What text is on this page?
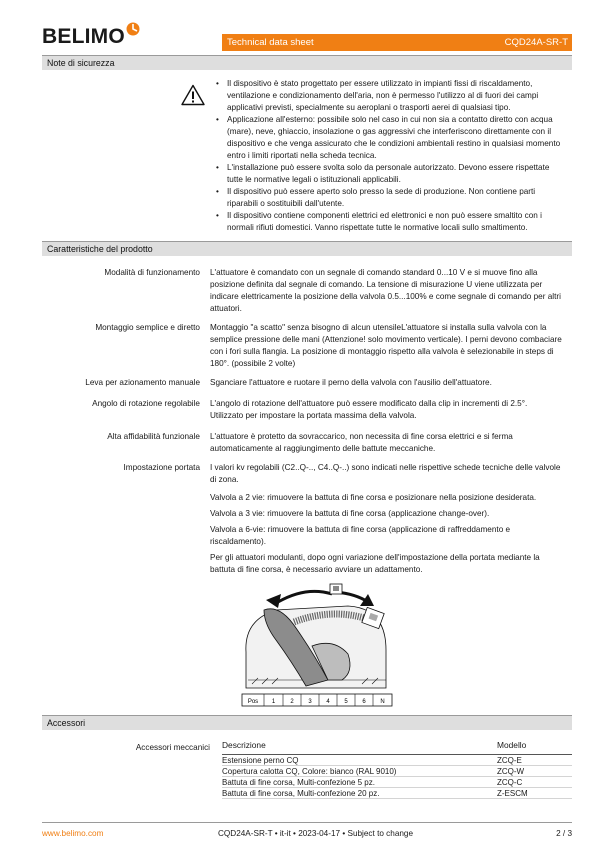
BELIMO	Technical data sheet	CQD24A-SR-T
Note di sicurezza
• Il dispositivo è stato progettato per essere utilizzato in impianti fissi di riscaldamento, ventilazione e condizionamento dell'aria, non è permesso l'utilizzo al di fuori dei campi applicativi previsti, specialmente su aeroplani o trasporti aerei di qualsiasi tipo.
• Applicazione all'esterno: possibile solo nel caso in cui non sia a contatto diretto con acqua (mare), neve, ghiaccio, insolazione o gas aggressivi che interferiscono direttamente con il dispositivo e che venga assicurato che le condizioni ambientali restino in qualsiasi momento entro i limiti riportati nella scheda tecnica.
• L'installazione può essere svolta solo da personale autorizzato. Devono essere rispettate tutte le normative legali o istituzionali applicabili.
• Il dispositivo può essere aperto solo presso la sede di produzione. Non contiene parti riparabili o sostituibili dall'utente.
• Il dispositivo contiene componenti elettrici ed elettronici e non può essere smaltito con i normali rifiuti domestici. Vanno rispettate tutte le normative locali sullo smaltimento.
Caratteristiche del prodotto
Modalità di funzionamento	L'attuatore è comandato con un segnale di comando standard 0...10 V e si muove fino alla posizione definita dal segnale di comando. La tensione di misurazione U viene utilizzata per indicare elettricamente la posizione della valvola 0.5...100% e come segnale di comando per altri attuatori.
Montaggio semplice e diretto	Montaggio "a scatto" senza bisogno di alcun utensileL'attuatore si installa sulla valvola con la semplice pressione delle mani (Attenzione! solo movimento verticale). I perni devono combaciare con i fori sulla flangia. La posizione di montaggio rispetto alla valvola è selezionabile in steps di 180°. (possibile 2 volte)
Leva per azionamento manuale	Sganciare l'attuatore e ruotare il perno della valvola con l'ausilio dell'attuatore.
Angolo di rotazione regolabile	L'angolo di rotazione dell'attuatore può essere modificato dalla clip in incrementi di 2.5°. Utilizzato per impostare la portata massima della valvola.
Alta affidabilità funzionale	L'attuatore è protetto da sovraccarico, non necessita di fine corsa elettrici e si ferma automaticamente al raggiungimento delle battute meccaniche.
Impostazione portata	I valori kv regolabili (C2..Q-.., C4..Q-..) sono indicati nelle rispettive schede tecniche delle valvole di zona.
Valvola a 2 vie: rimuovere la battuta di fine corsa e posizionare nella posizione desiderata.
Valvola a 3 vie: rimuovere la battuta di fine corsa (applicazione change-over).
Valvola a 6-vie: rimuovere la battuta di fine corsa (applicazione di raffreddamento e riscaldamento).
Per gli attuatori modulanti, dopo ogni variazione dell'impostazione della portata mediante la battuta di fine corsa, è necessario avviare un adattamento.
Pos 1	2 3 4 5 6 N
Accessori
Accessori meccanici Descrizione	Modello
Estensione perno CQ	ZCQ-E
Copertura calotta CQ, Colore: bianco (RAL 9010)	ZCQ-W
Battuta di fine corsa, Multi-confezione 5 pz.	ZCQ-C
Battuta di fine corsa, Multi-confezione 20 pz.	Z-ESCM
www.belimo.com	CQD24A-SR-T • it-it • 2023-04-17 • Subject to change	2 / 3
